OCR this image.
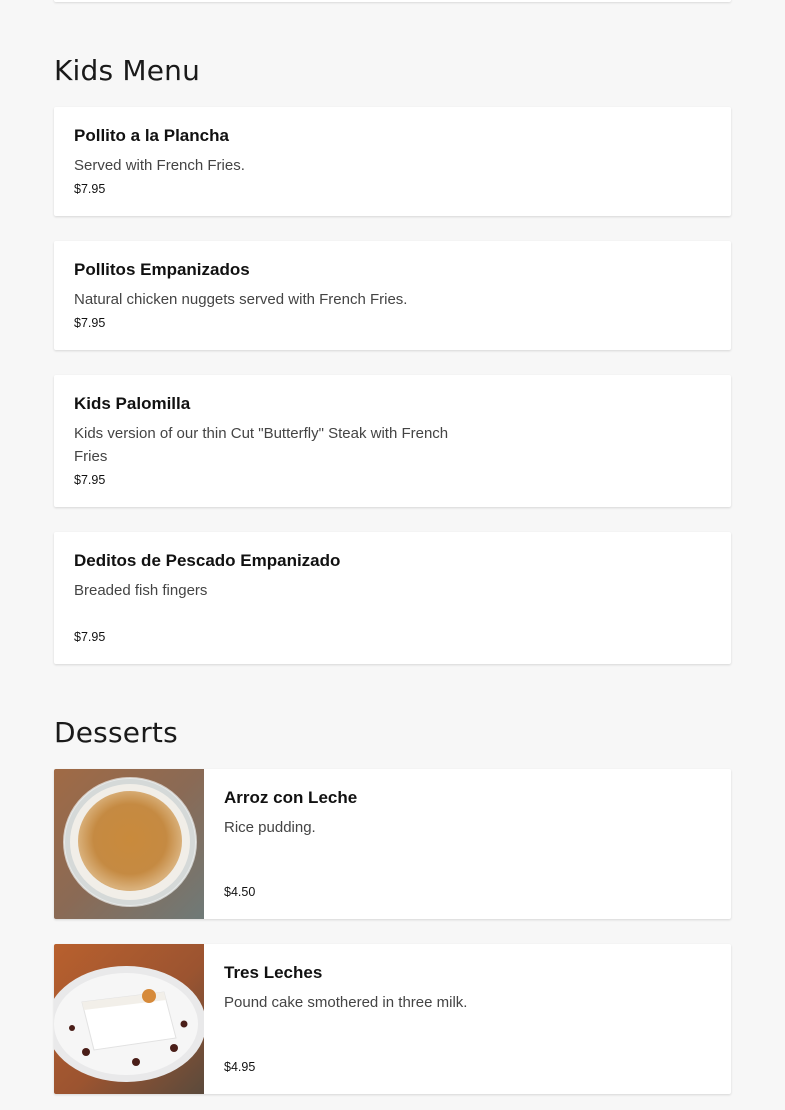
Kids Menu
Pollito a la Plancha
Served with French Fries.
$7.95
Pollitos Empanizados
Natural chicken nuggets served with French Fries.
$7.95
Kids Palomilla
Kids version of our thin Cut "Butterfly" Steak with French Fries
$7.95
Deditos de Pescado Empanizado
Breaded fish fingers
$7.95
Desserts
Arroz con Leche
Rice pudding.
$4.50
Tres Leches
Pound cake smothered in three milk.
$4.95
